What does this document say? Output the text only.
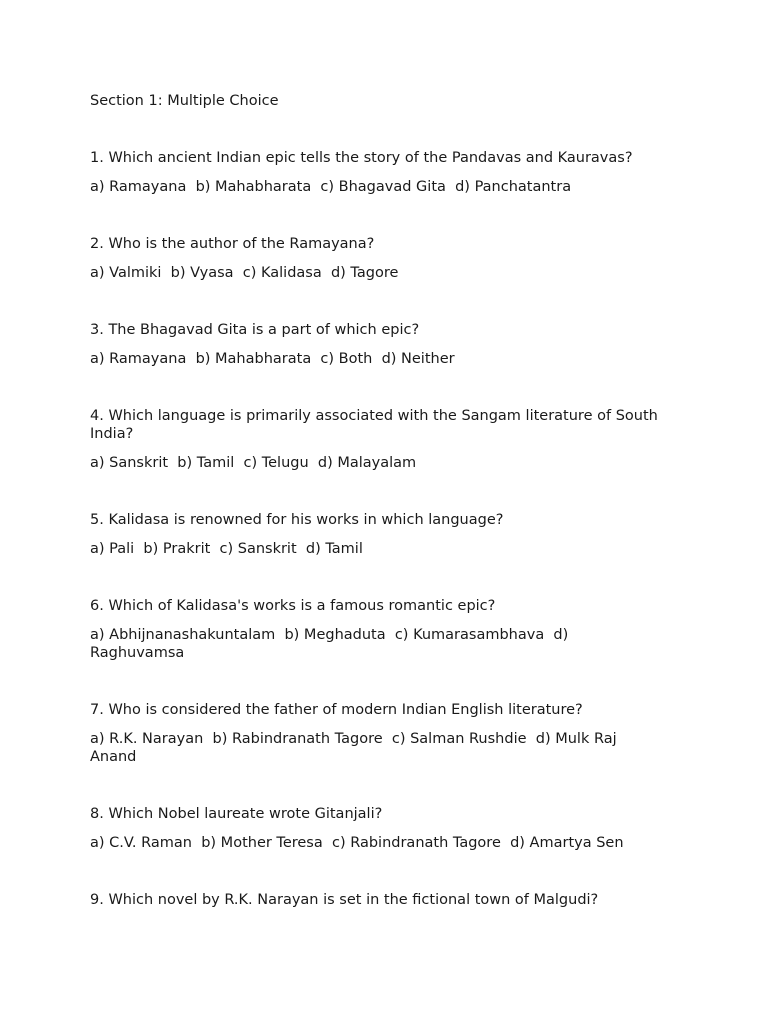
Section 1: Multiple Choice
1. Which ancient Indian epic tells the story of the Pandavas and Kauravas?
a) Ramayana  b) Mahabharata  c) Bhagavad Gita  d) Panchatantra
2. Who is the author of the Ramayana?
a) Valmiki  b) Vyasa  c) Kalidasa  d) Tagore
3. The Bhagavad Gita is a part of which epic?
a) Ramayana  b) Mahabharata  c) Both  d) Neither
4. Which language is primarily associated with the Sangam literature of South India?
a) Sanskrit  b) Tamil  c) Telugu  d) Malayalam
5. Kalidasa is renowned for his works in which language?
a) Pali  b) Prakrit  c) Sanskrit  d) Tamil
6. Which of Kalidasa's works is a famous romantic epic?
a) Abhijnanashakuntalam  b) Meghaduta  c) Kumarasambhava  d) Raghuvamsa
7. Who is considered the father of modern Indian English literature?
a) R.K. Narayan  b) Rabindranath Tagore  c) Salman Rushdie  d) Mulk Raj Anand
8. Which Nobel laureate wrote Gitanjali?
a) C.V. Raman  b) Mother Teresa  c) Rabindranath Tagore  d) Amartya Sen
9. Which novel by R.K. Narayan is set in the fictional town of Malgudi?
